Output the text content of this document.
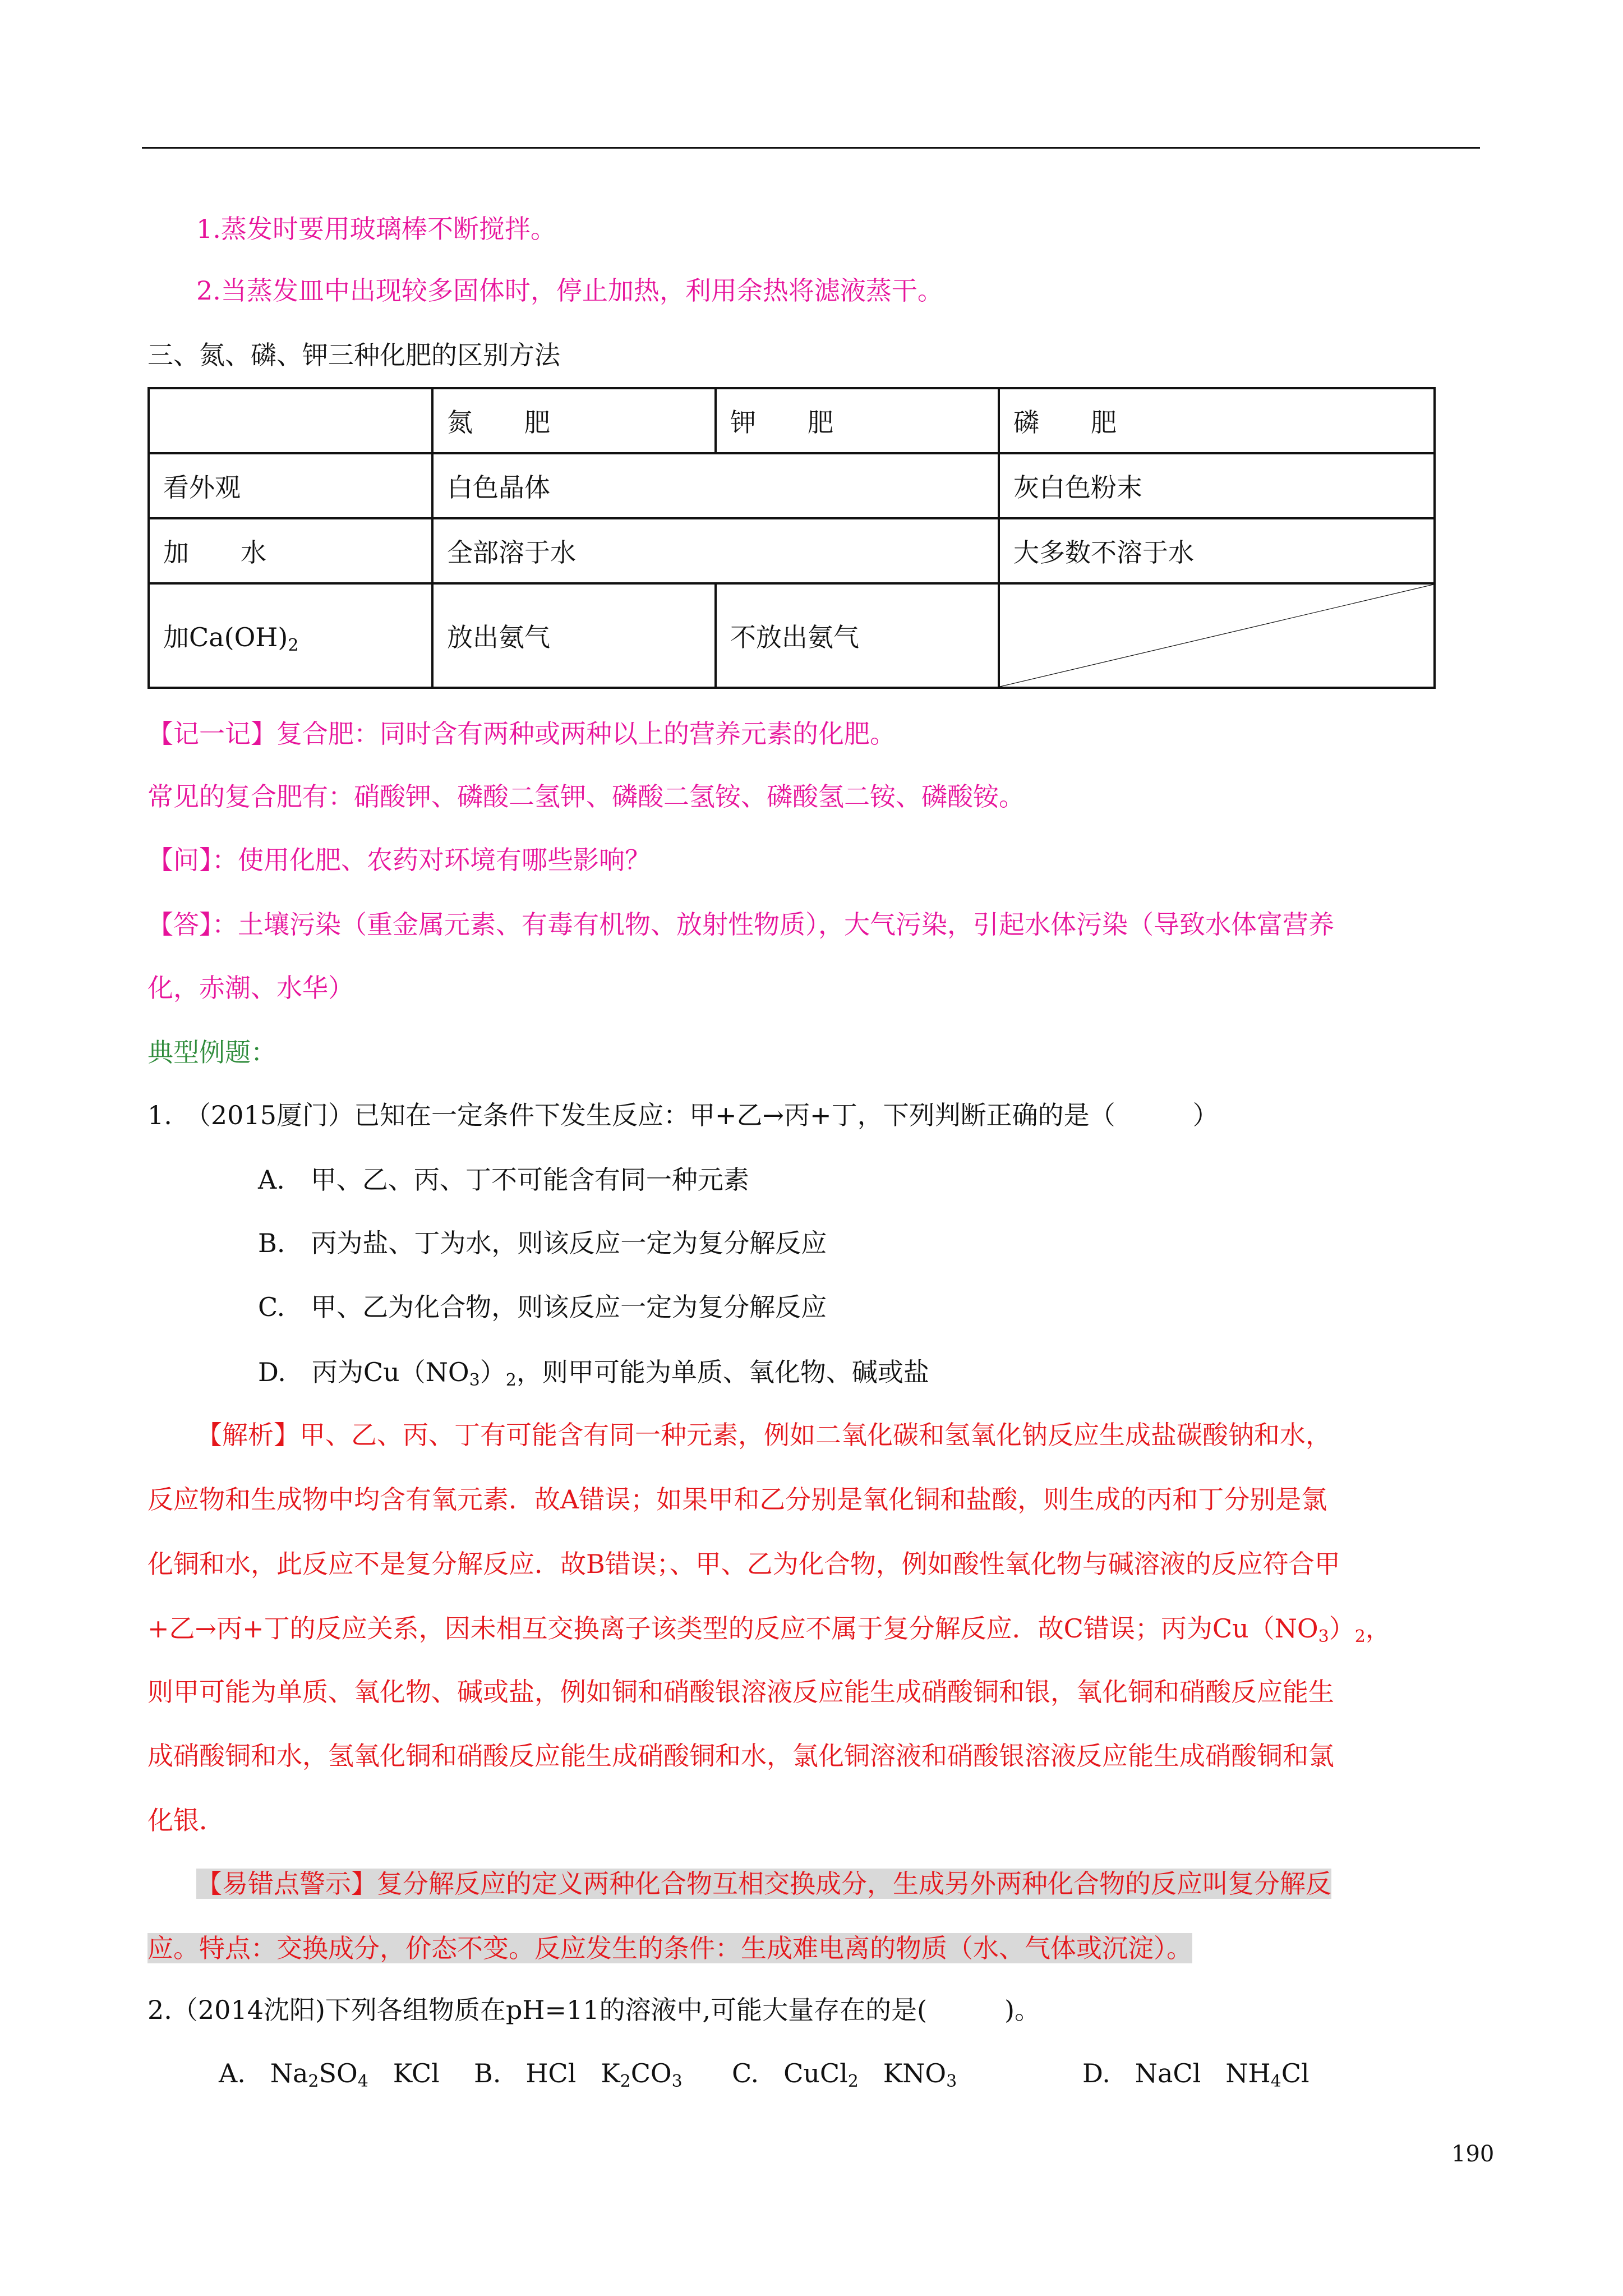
1.蒸发时要用玻璃棒不断搅拌。
2.当蒸发皿中出现较多固体时，停止加热，利用余热将滤液蒸干。
三、氮、磷、钾三种化肥的区别方法
	氮　　肥	钾　　肥	磷　　肥
看外观	白色晶体		灰白色粉末
加　　水	全部溶于水		大多数不溶于水
加$Ca(OH)_2$	放出氨气	不放出氨气	
【记一记】复合肥：同时含有两种或两种以上的营养元素的化肥。
常见的复合肥有：硝酸钾、磷酸二氢钾、磷酸二氢铵、磷酸氢二铵、磷酸铵。
【问】：使用化肥、农药对环境有哪些影响？
【答】：土壤污染（重金属元素、有毒有机物、放射性物质），大气污染，引起水体污染（导致水体富营养
化，赤潮、水华）
典型例题：
1.　（2015厦门）已知在一定条件下发生反应：甲+乙→丙+丁，下列判断正确的是（　　　）
A.　甲、乙、丙、丁不可能含有同一种元素
B.　丙为盐、丁为水，则该反应一定为复分解反应
C.　甲、乙为化合物，则该反应一定为复分解反应
D.　丙为$Cu(NO_3)_2$，则甲可能为单质、氧化物、碱或盐
【解析】甲、乙、丙、丁有可能含有同一种元素，例如二氧化碳和氢氧化钠反应生成盐碳酸钠和水，
反应物和生成物中均含有氧元素．故A错误；如果甲和乙分别是氧化铜和盐酸，则生成的丙和丁分别是氯
化铜和水，此反应不是复分解反应．故B错误；、甲、乙为化合物，例如酸性氧化物与碱溶液的反应符合甲
+乙→丙+丁的反应关系，因未相互交换离子该类型的反应不属于复分解反应．故C错误；丙为$Cu(NO_3)_2$，
则甲可能为单质、氧化物、碱或盐，例如铜和硝酸银溶液反应能生成硝酸铜和银，氧化铜和硝酸反应能生
成硝酸铜和水，氢氧化铜和硝酸反应能生成硝酸铜和水，氯化铜溶液和硝酸银溶液反应能生成硝酸铜和氯
化银．
【易错点警示】复分解反应的定义两种化合物互相交换成分，生成另外两种化合物的反应叫复分解反
应。特点：交换成分，价态不变。反应发生的条件：生成难电离的物质（水、气体或沉淀）。
2.（2014沈阳)下列各组物质在pH=11的溶液中,可能大量存在的是(　　　)。
A. $Na_2SO_4$ KCl B. HCl $K_2CO_3$ C. CuCl$_2$ $KNO_3$	D. NaCl $NH_4Cl$
190
